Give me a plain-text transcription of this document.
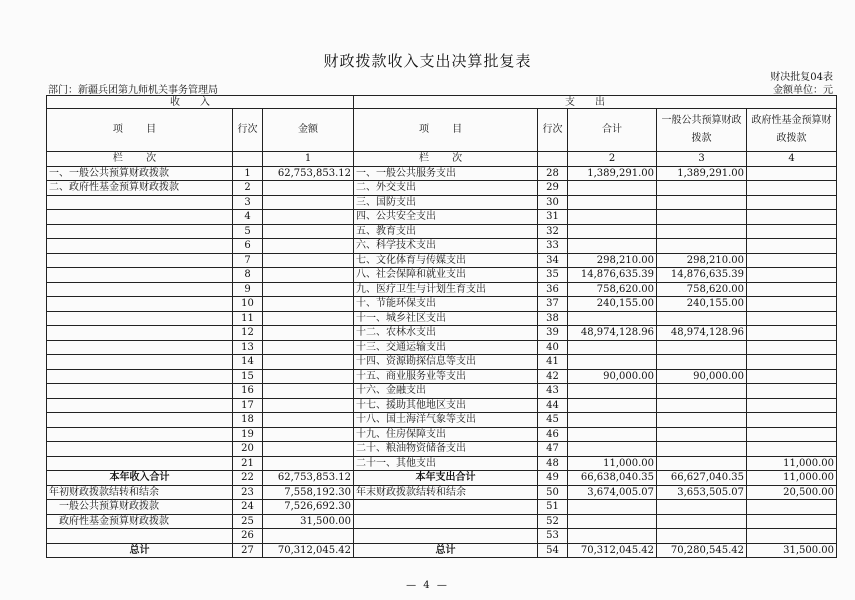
财政拨款收入支出决算批复表
财决批复04表
部门：新疆兵团第九师机关事务管理局	金额单位：元
收入			支出				
项 目	行次	金额	项 目	行次	合计	一般公共预算财政拨款	政府性基金预算财政拨款
栏 次		1	栏 次		2	3	4
一、一般公共预算财政拨款	1	62,753,853.12	一、一般公共服务支出	28	1,389,291.00	1,389,291.00	
二、政府性基金预算财政拨款	2		二、外交支出	29			
	3		三、国防支出	30			
	4		四、公共安全支出	31			
	5		五、教育支出	32			
	6		六、科学技术支出	33			
	7		七、文化体育与传媒支出	34	298,210.00	298,210.00	
	8		八、社会保障和就业支出	35	14,876,635.39	14,876,635.39	
	9		九、医疗卫生与计划生育支出	36	758,620.00	758,620.00	
	10		十、节能环保支出	37	240,155.00	240,155.00	
	11		十一、城乡社区支出	38			
	12		十二、农林水支出	39	48,974,128.96	48,974,128.96	
	13		十三、交通运输支出	40			
	14		十四、资源勘探信息等支出	41			
	15		十五、商业服务业等支出	42	90,000.00	90,000.00	
	16		十六、金融支出	43			
	17		十七、援助其他地区支出	44			
	18		十八、国土海洋气象等支出	45			
	19		十九、住房保障支出	46			
	20		二十、粮油物资储备支出	47			
	21		二十一、其他支出	48	11,000.00		11,000.00
本年收入合计	22	62,753,853.12	本年支出合计	49	66,638,040.35	66,627,040.35	11,000.00
年初财政拨款结转和结余	23	7,558,192.30	年末财政拨款结转和结余	50	3,674,005.07	3,653,505.07	20,500.00
一般公共预算财政拨款	24	7,526,692.30		51			
政府性基金预算财政拨款	25	31,500.00		52			
	26			53			
总计	27	70,312,045.42	总计	54	70,312,045.42	70,280,545.42	31,500.00
— 4 —
